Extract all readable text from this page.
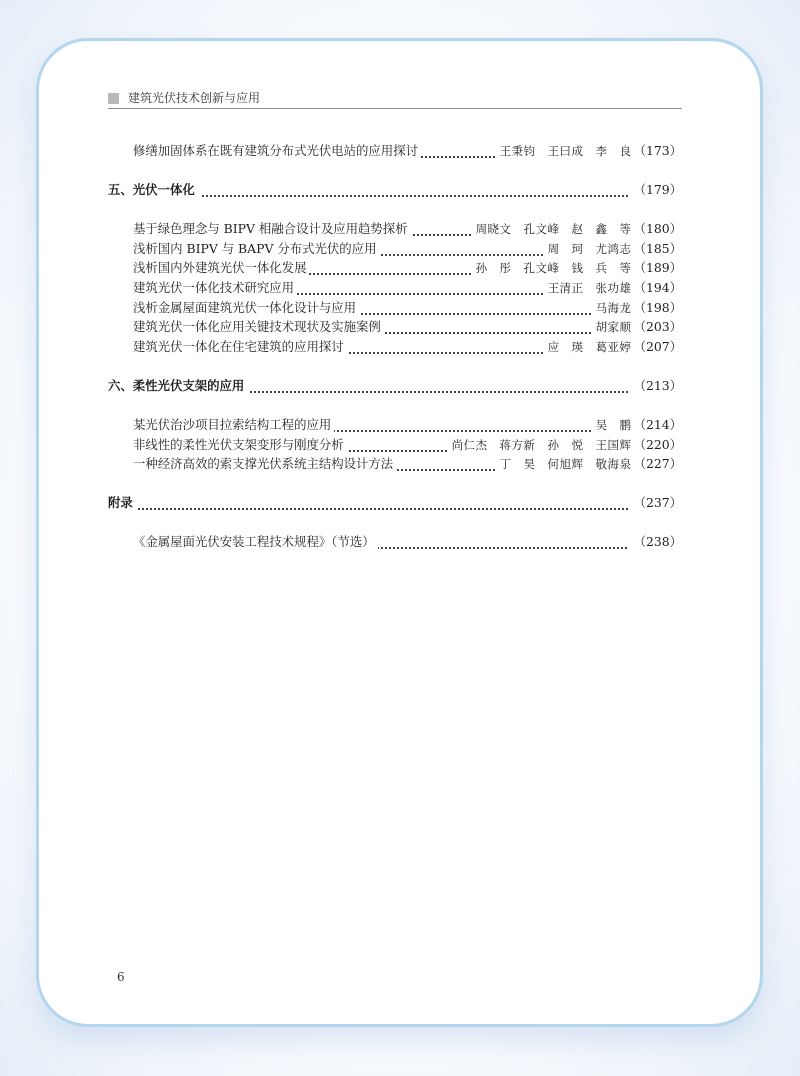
建筑光伏技术创新与应用
修缮加固体系在既有建筑分布式光伏电站的应用探讨	王秉钧　王曰成　李　良 （173）
五、光伏一体化	（179）
基于绿色理念与 BIPV 相融合设计及应用趋势探析	周晓文　孔文峰　赵　鑫　等 （180）
浅析国内 BIPV 与 BAPV 分布式光伏的应用	周　珂　尤鸿志 （185）
浅析国内外建筑光伏一体化发展	孙　彤　孔文峰　钱　兵　等 （189）
建筑光伏一体化技术研究应用	王清正　张功雄 （194）
浅析金属屋面建筑光伏一体化设计与应用	马海龙 （198）
建筑光伏一体化应用关键技术现状及实施案例	胡家顺 （203）
建筑光伏一体化在住宅建筑的应用探讨	应　瑛　葛亚婷 （207）
六、柔性光伏支架的应用	（213）
某光伏治沙项目拉索结构工程的应用	吴　鹏 （214）
非线性的柔性光伏支架变形与刚度分析	尚仁杰　蒋方新　孙　悦　王国辉 （220）
一种经济高效的索支撑光伏系统主结构设计方法	丁　昊　何旭辉　敬海泉 （227）
附录	（237）
《金属屋面光伏安装工程技术规程》（节选）	（238）
6
